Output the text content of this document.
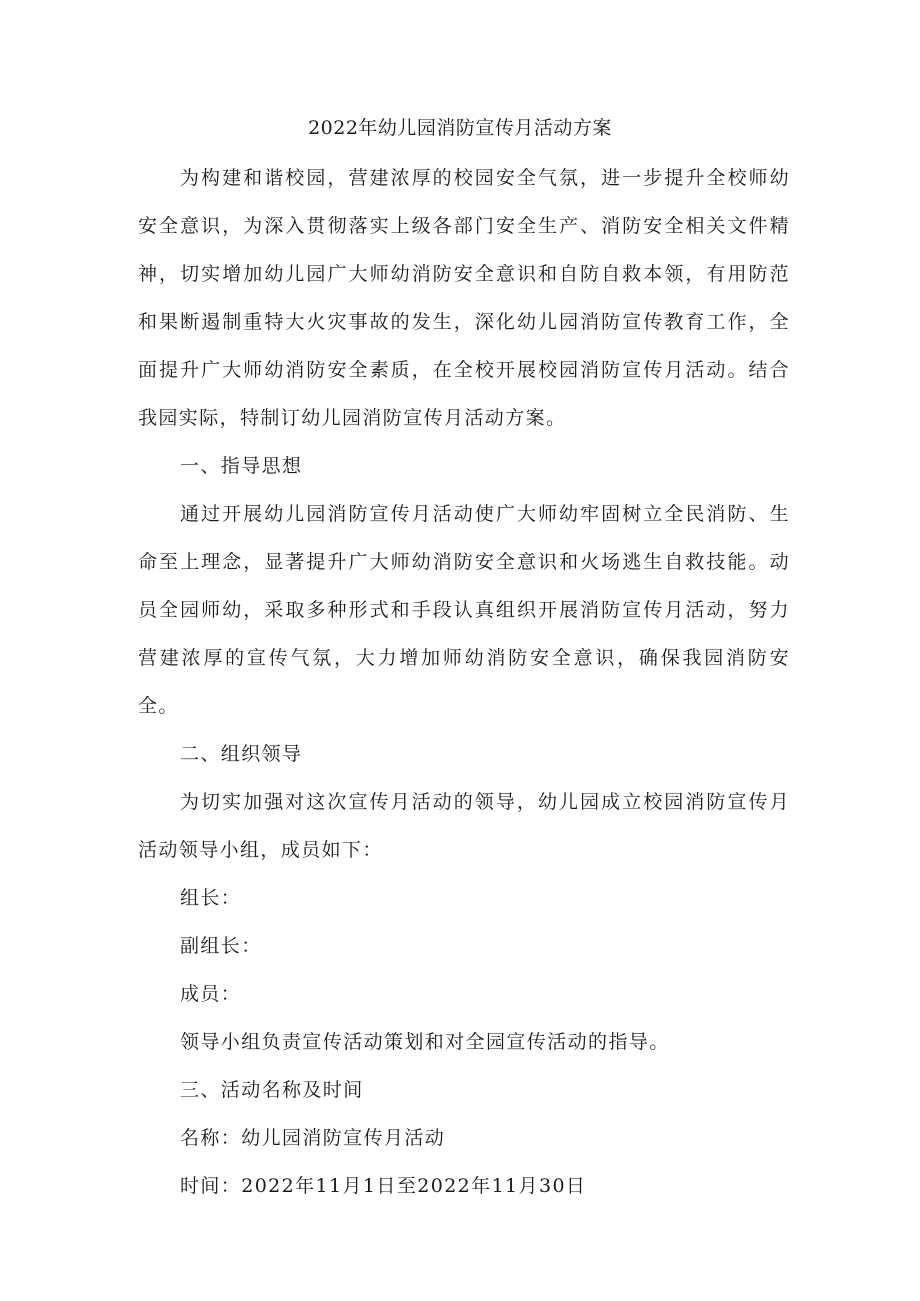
2022年幼儿园消防宣传月活动方案

为构建和谐校园，营建浓厚的校园安全气氛，进一步提升全校师幼安全意识，为深入贯彻落实上级各部门安全生产、消防安全相关文件精神，切实增加幼儿园广大师幼消防安全意识和自防自救本领，有用防范和果断遏制重特大火灾事故的发生，深化幼儿园消防宣传教育工作，全面提升广大师幼消防安全素质，在全校开展校园消防宣传月活动。结合我园实际，特制订幼儿园消防宣传月活动方案。

一、指导思想

通过开展幼儿园消防宣传月活动使广大师幼牢固树立全民消防、生命至上理念，显著提升广大师幼消防安全意识和火场逃生自救技能。动员全园师幼，采取多种形式和手段认真组织开展消防宣传月活动，努力营建浓厚的宣传气氛，大力增加师幼消防安全意识，确保我园消防安全。

二、组织领导

为切实加强对这次宣传月活动的领导，幼儿园成立校园消防宣传月活动领导小组，成员如下：

组长：

副组长：

成员：

领导小组负责宣传活动策划和对全园宣传活动的指导。

三、活动名称及时间

名称：幼儿园消防宣传月活动

时间：2022年11月1日至2022年11月30日
